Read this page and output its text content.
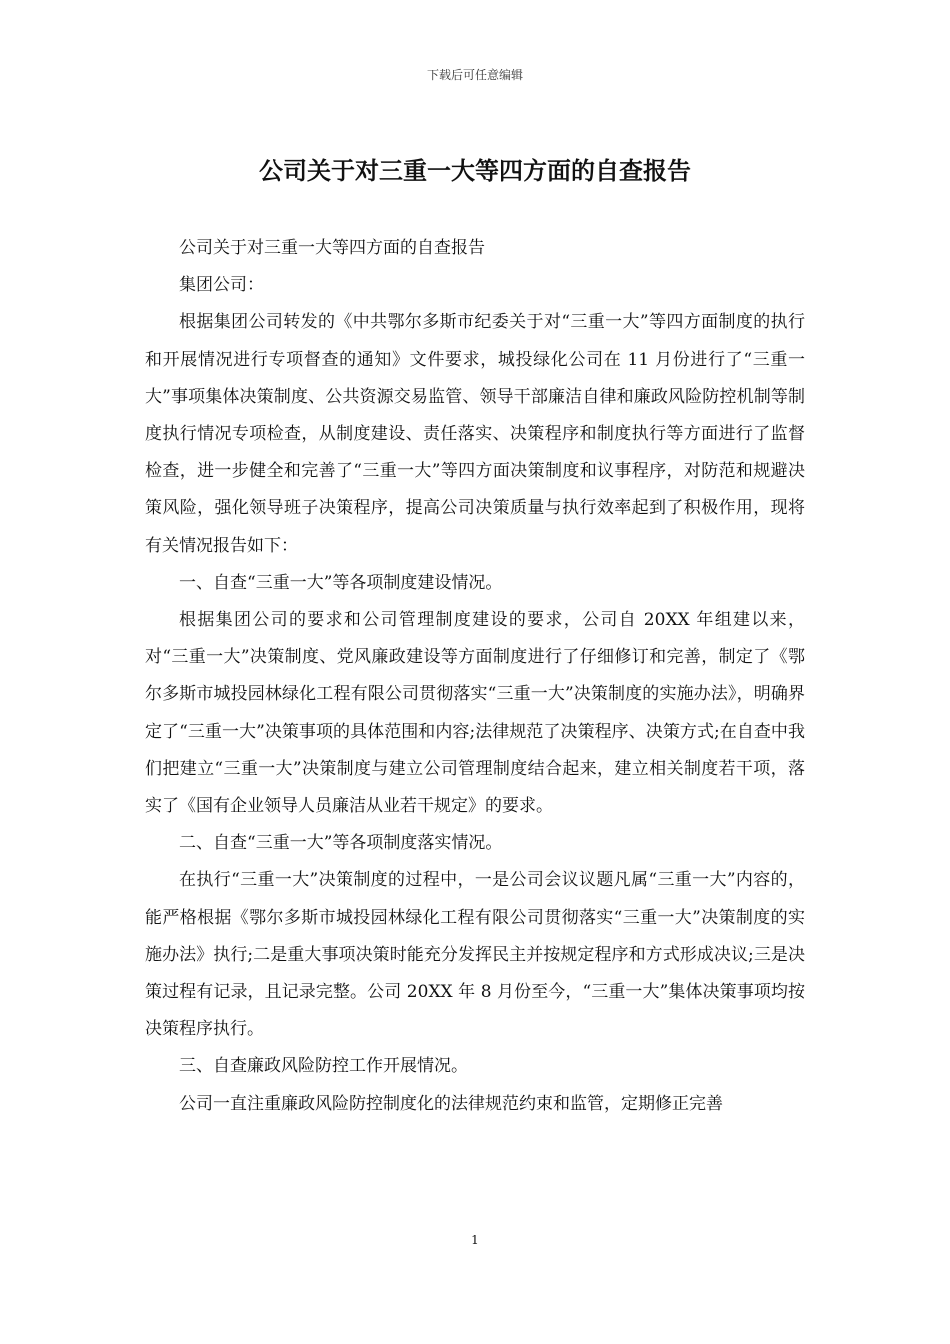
下载后可任意编辑
公司关于对三重一大等四方面的自查报告

公司关于对三重一大等四方面的自查报告

集团公司：

根据集团公司转发的《中共鄂尔多斯市纪委关于对“三重一大”等四方面制度的执行和开展情况进行专项督查的通知》文件要求，城投绿化公司在 11 月份进行了“三重一大”事项集体决策制度、公共资源交易监管、领导干部廉洁自律和廉政风险防控机制等制度执行情况专项检查，从制度建设、责任落实、决策程序和制度执行等方面进行了监督检查，进一步健全和完善了“三重一大”等四方面决策制度和议事程序，对防范和规避决策风险，强化领导班子决策程序，提高公司决策质量与执行效率起到了积极作用，现将有关情况报告如下：

一、自查“三重一大”等各项制度建设情况。

根据集团公司的要求和公司管理制度建设的要求，公司自 20XX 年组建以来，对“三重一大”决策制度、党风廉政建设等方面制度进行了仔细修订和完善，制定了《鄂尔多斯市城投园林绿化工程有限公司贯彻落实“三重一大”决策制度的实施办法》，明确界定了“三重一大”决策事项的具体范围和内容;法律规范了决策程序、决策方式;在自查中我们把建立“三重一大”决策制度与建立公司管理制度结合起来，建立相关制度若干项，落实了《国有企业领导人员廉洁从业若干规定》的要求。

二、自查“三重一大”等各项制度落实情况。

在执行“三重一大”决策制度的过程中，一是公司会议议题凡属“三重一大”内容的，能严格根据《鄂尔多斯市城投园林绿化工程有限公司贯彻落实“三重一大”决策制度的实施办法》执行;二是重大事项决策时能充分发挥民主并按规定程序和方式形成决议;三是决策过程有记录，且记录完整。公司 20XX 年 8 月份至今，“三重一大”集体决策事项均按决策程序执行。

三、自查廉政风险防控工作开展情况。

公司一直注重廉政风险防控制度化的法律规范约束和监管，定期修正完善

1
